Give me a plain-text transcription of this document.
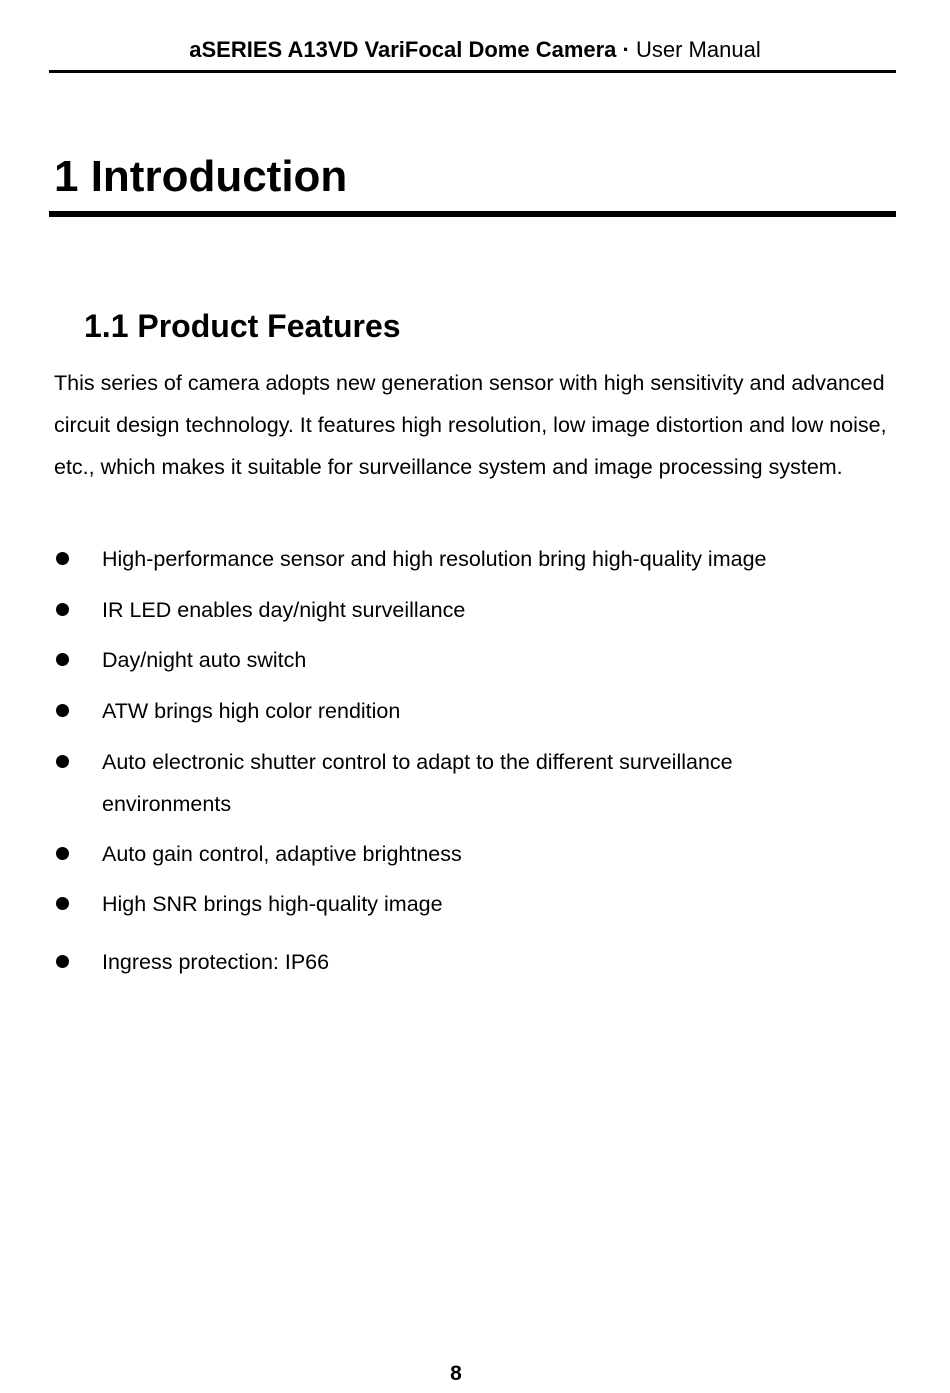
aSERIES A13VD VariFocal Dome Camera · User Manual
1 Introduction
1.1 Product Features

This series of camera adopts new generation sensor with high sensitivity and advanced circuit design technology. It features high resolution, low image distortion and low noise, etc., which makes it suitable for surveillance system and image processing system.

High-performance sensor and high resolution bring high-quality image
IR LED enables day/night surveillance
Day/night auto switch
ATW brings high color rendition
Auto electronic shutter control to adapt to the different surveillance environments
Auto gain control, adaptive brightness
High SNR brings high-quality image
Ingress protection: IP66
8
